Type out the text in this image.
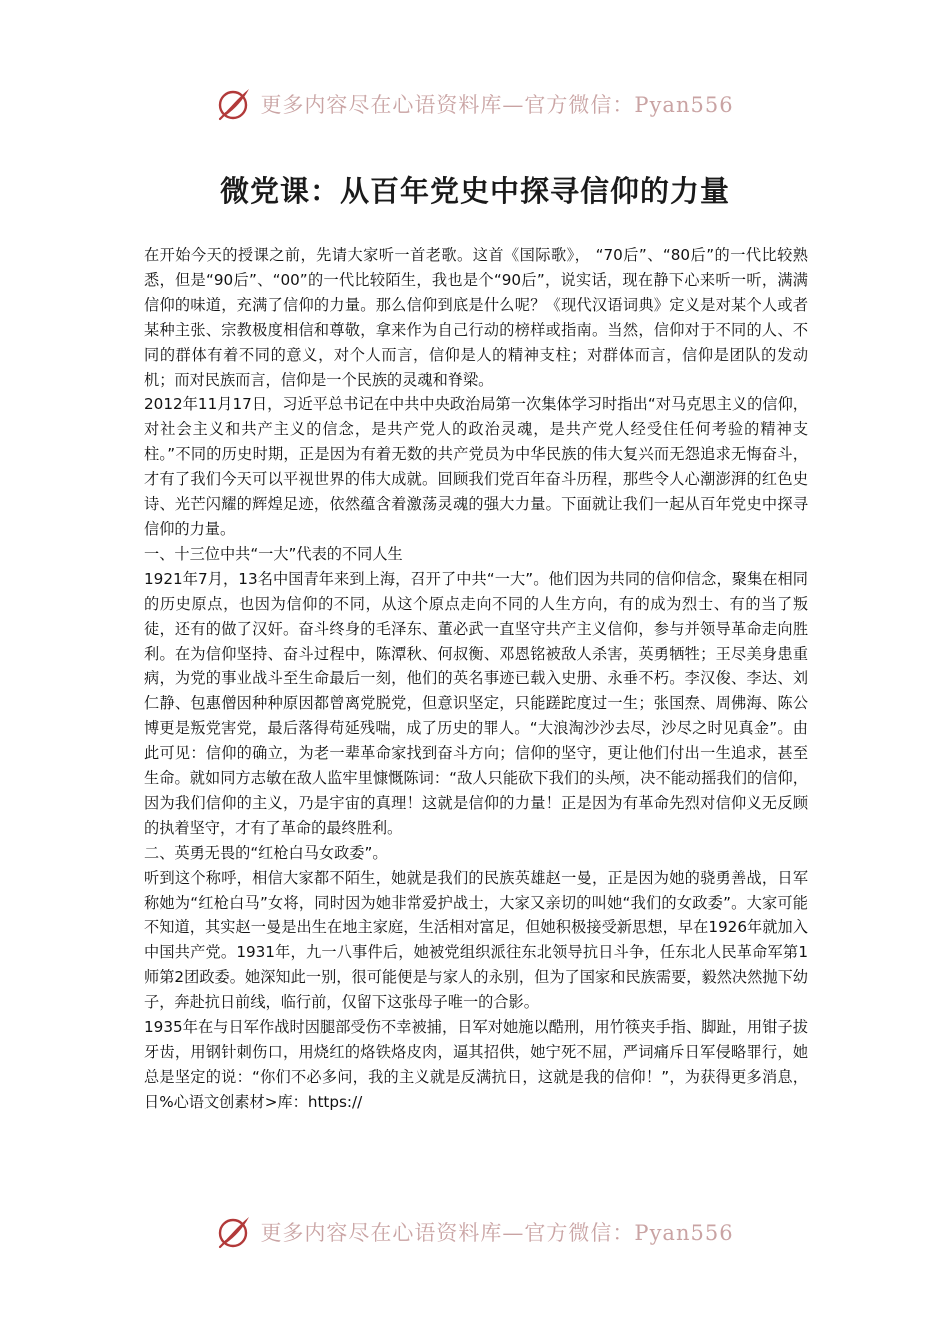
更多内容尽在心语资料库—官方微信：Pyan556
微党课：从百年党史中探寻信仰的力量

在开始今天的授课之前，先请大家听一首老歌。这首《国际歌》， “70后”、“80后”的一代比较熟悉，但是“90后”、“00”的一代比较陌生，我也是个“90后”，说实话，现在静下心来听一听，满满信仰的味道，充满了信仰的力量。那么信仰到底是什么呢？《现代汉语词典》定义是对某个人或者某种主张、宗教极度相信和尊敬，拿来作为自己行动的榜样或指南。当然，信仰对于不同的人、不同的群体有着不同的意义，对个人而言，信仰是人的精神支柱；对群体而言，信仰是团队的发动机；而对民族而言，信仰是一个民族的灵魂和脊梁。

2012年11月17日，习近平总书记在中共中央政治局第一次集体学习时指出“对马克思主义的信仰，对社会主义和共产主义的信念，是共产党人的政治灵魂，是共产党人经受住任何考验的精神支柱。”不同的历史时期，正是因为有着无数的共产党员为中华民族的伟大复兴而无怨追求无悔奋斗，才有了我们今天可以平视世界的伟大成就。回顾我们党百年奋斗历程，那些令人心潮澎湃的红色史诗、光芒闪耀的辉煌足迹，依然蕴含着激荡灵魂的强大力量。下面就让我们一起从百年党史中探寻信仰的力量。

一、十三位中共“一大”代表的不同人生

1921年7月，13名中国青年来到上海，召开了中共“一大”。他们因为共同的信仰信念，聚集在相同的历史原点，也因为信仰的不同，从这个原点走向不同的人生方向，有的成为烈士、有的当了叛徒，还有的做了汉奸。奋斗终身的毛泽东、董必武一直坚守共产主义信仰，参与并领导革命走向胜利。在为信仰坚持、奋斗过程中，陈潭秋、何叔衡、邓恩铭被敌人杀害，英勇牺牲；王尽美身患重病，为党的事业战斗至生命最后一刻，他们的英名事迹已载入史册、永垂不朽。李汉俊、李达、刘仁静、包惠僧因种种原因都曾离党脱党，但意识坚定，只能蹉跎度过一生；张国焘、周佛海、陈公博更是叛党害党，最后落得苟延残喘，成了历史的罪人。“大浪淘沙沙去尽，沙尽之时见真金”。由此可见：信仰的确立，为老一辈革命家找到奋斗方向；信仰的坚守，更让他们付出一生追求，甚至生命。就如同方志敏在敌人监牢里慷慨陈词：“敌人只能砍下我们的头颅，决不能动摇我们的信仰，因为我们信仰的主义，乃是宇宙的真理！这就是信仰的力量！正是因为有革命先烈对信仰义无反顾的执着坚守，才有了革命的最终胜利。

二、英勇无畏的“红枪白马女政委”。

听到这个称呼，相信大家都不陌生，她就是我们的民族英雄赵一曼，正是因为她的骁勇善战，日军称她为“红枪白马”女将，同时因为她非常爱护战士，大家又亲切的叫她“我们的女政委”。大家可能不知道，其实赵一曼是出生在地主家庭，生活相对富足，但她积极接受新思想，早在1926年就加入中国共产党。1931年，九一八事件后，她被党组织派往东北领导抗日斗争，任东北人民革命军第1师第2团政委。她深知此一别，很可能便是与家人的永别，但为了国家和民族需要，毅然决然抛下幼子，奔赴抗日前线，临行前，仅留下这张母子唯一的合影。

1935年在与日军作战时因腿部受伤不幸被捕，日军对她施以酷刑，用竹筷夹手指、脚趾，用钳子拔牙齿，用钢针刺伤口，用烧红的烙铁烙皮肉，逼其招供，她宁死不屈，严词痛斥日军侵略罪行，她总是坚定的说：“你们不必多问，我的主义就是反满抗日，这就是我的信仰！”，为获得更多消息，日%心语文创素材>库：https://

更多内容尽在心语资料库—官方微信：Pyan556
